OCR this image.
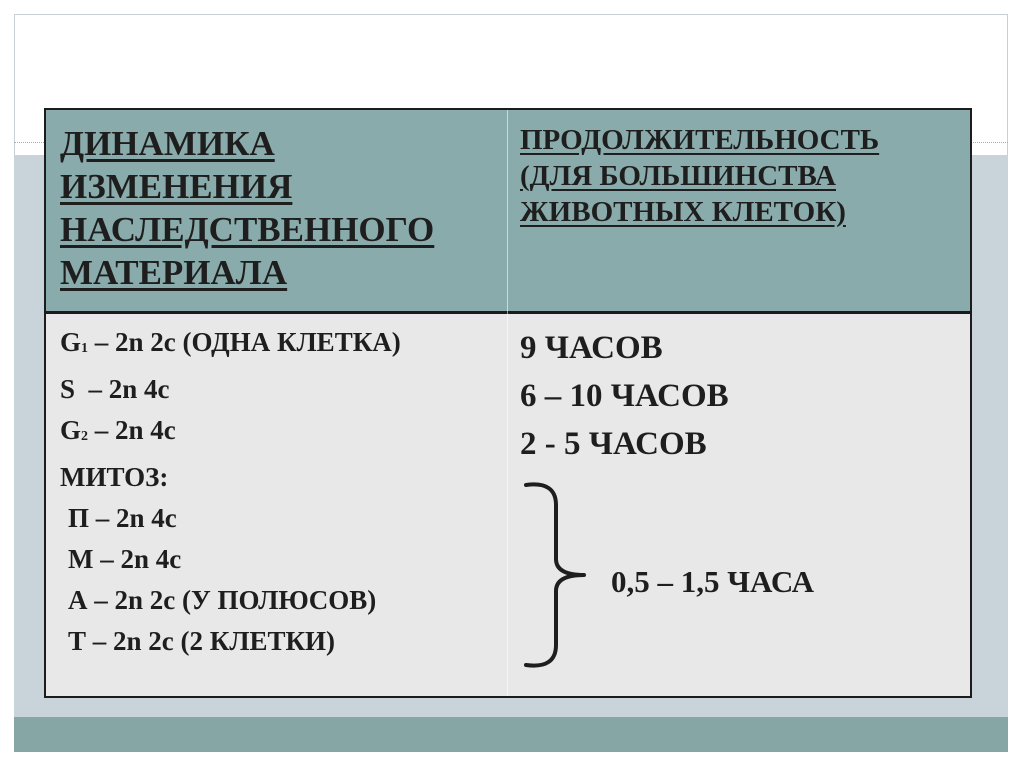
ДИНАМИКА
ИЗМЕНЕНИЯ
НАСЛЕДСТВЕННОГО
МАТЕРИАЛА
ПРОДОЛЖИТЕЛЬНОСТЬ
(ДЛЯ БОЛЬШИНСТВА
ЖИВОТНЫХ КЛЕТОК)
$G_1 - 2n$ 2c (ОДНА КЛЕТКА)
S  – 2n 4c
$G_2 - 2n$ 4c
МИТОЗ:
П – 2n 4c
М – 2n 4c
А – 2n 2c (У ПОЛЮСОВ)
Т – 2n 2c (2 КЛЕТКИ)
9 ЧАСОВ
6 – 10 ЧАСОВ
2 - 5 ЧАСОВ
0,5 – 1,5 ЧАСА
